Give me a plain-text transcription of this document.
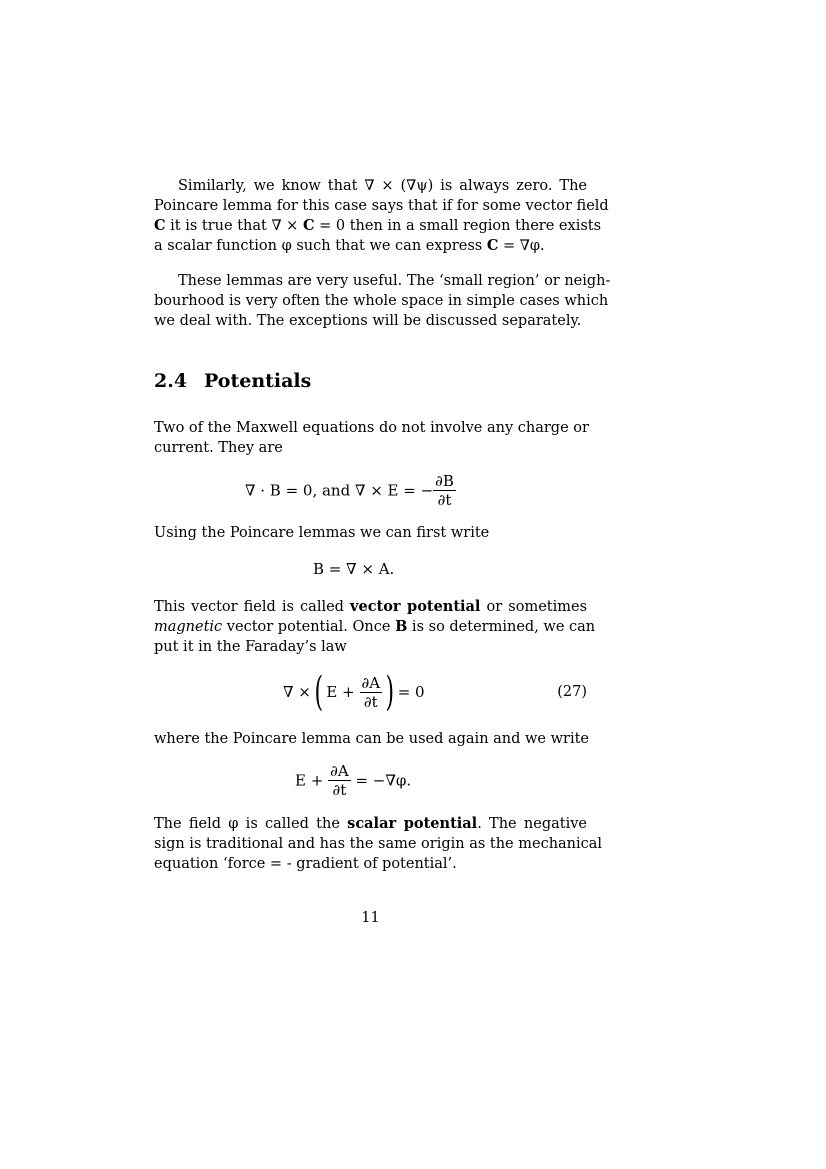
Similarly, we know that ∇ × (∇ψ) is always zero. The
Poincare lemma for this case says that if for some vector field
C it is true that ∇ × C = 0 then in a small region there exists
a scalar function φ such that we can express C = ∇φ.
These lemmas are very useful. The ‘small region’ or neigh-
bourhood is very often the whole space in simple cases which
we deal with. The exceptions will be discussed separately.
2.4 Potentials
Two of the Maxwell equations do not involve any charge or
current. They are
∇ · B = 0, and ∇ × E = − $\frac{\partial B}{\partial t}$
Using the Poincare lemmas we can first write
B = ∇ × A.
This vector field is called vector potential or sometimes
magnetic vector potential. Once B is so determined, we can
put it in the Faraday’s law
∇ ×( $E + \frac{\partial A}{\partial t}$ ) = 0	(27)
where the Poincare lemma can be used again and we write
$E + \frac{\partial A}{\partial t} = -\nabla\varphi$.
The field φ is called the scalar potential. The negative
sign is traditional and has the same origin as the mechanical
equation ‘force = - gradient of potential’.
11
